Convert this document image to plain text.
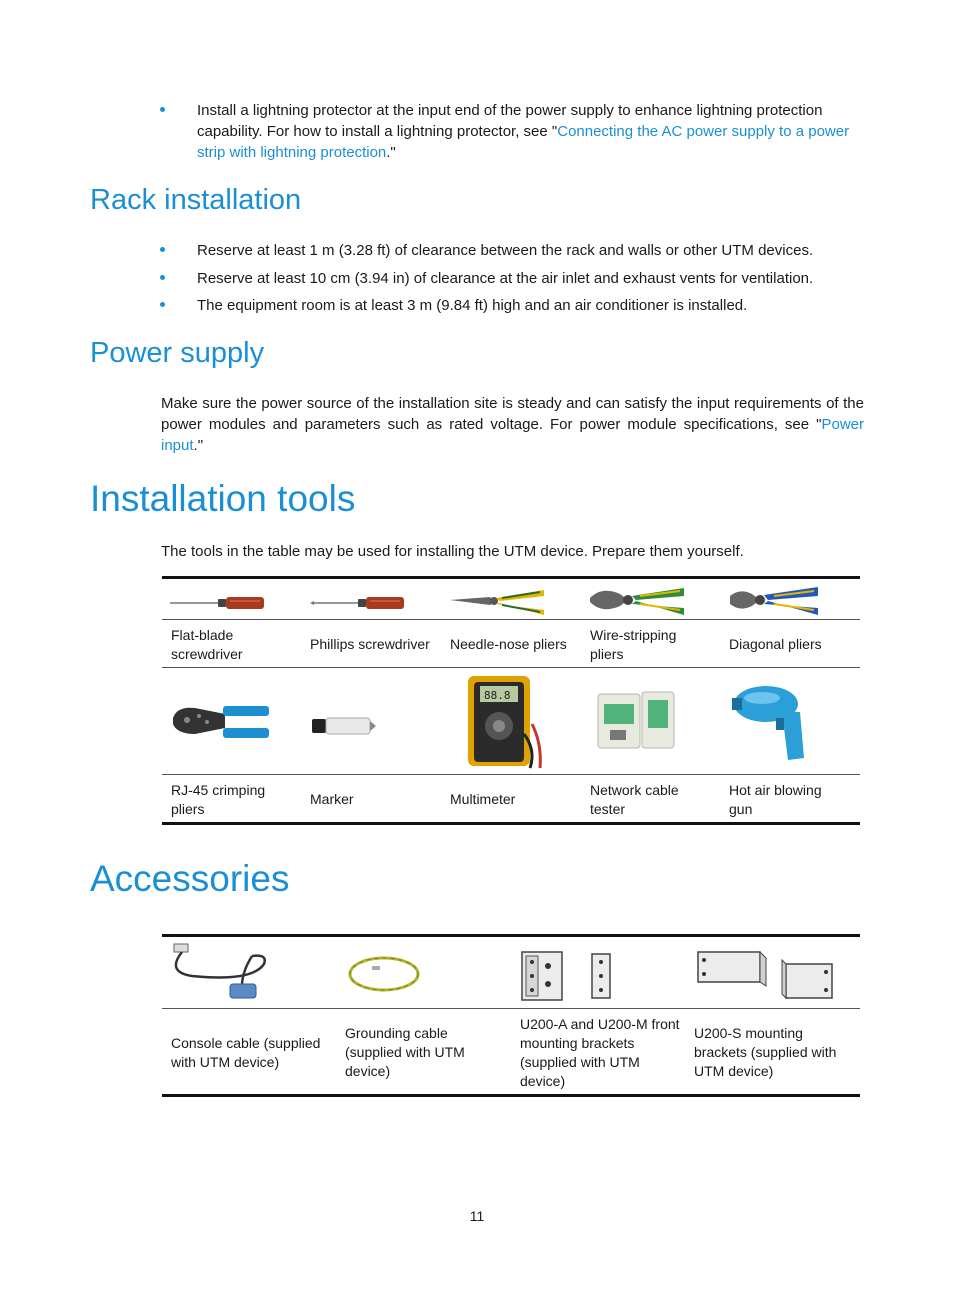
Install a lightning protector at the input end of the power supply to enhance lightning protection capability. For how to install a lightning protector, see "Connecting the AC power supply to a power strip with lightning protection."
Rack installation
Reserve at least 1 m (3.28 ft) of clearance between the rack and walls or other UTM devices.
Reserve at least 10 cm (3.94 in) of clearance at the air inlet and exhaust vents for ventilation.
The equipment room is at least 3 m (9.84 ft) high and an air conditioner is installed.
Power supply
Make sure the power source of the installation site is steady and can satisfy the input requirements of the power modules and parameters such as rated voltage. For power module specifications, see "Power input."
Installation tools
The tools in the table may be used for installing the UTM device. Prepare them yourself.
Flat-blade screwdriver
Phillips screwdriver	Needle-nose pliers
Wire-stripping pliers
Diagonal pliers
88.8
RJ-45 crimping pliers
Marker	Multimeter
Network cable tester
Hot air blowing gun
Accessories
Console cable (supplied with UTM device)
Grounding cable (supplied with UTM device)
U200-A and U200-M front mounting brackets (supplied with UTM device)
U200-S mounting brackets (supplied with UTM device)
11
